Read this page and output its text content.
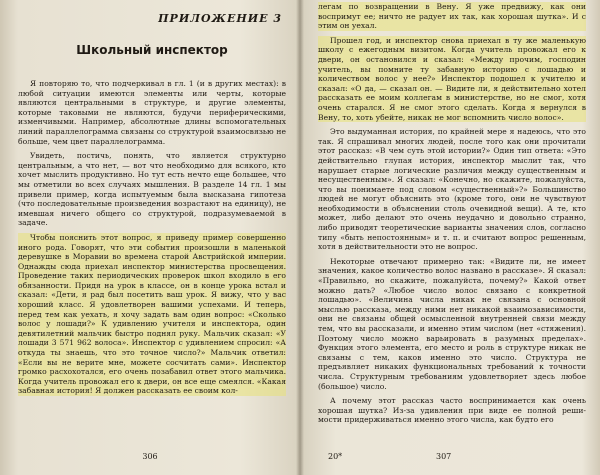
ПРИЛОЖЕНИЕ 3
Школьный инспектор

Я повторяю то, что подчеркивал в гл. 1 (и в других местах): в любой ситуации имеются элементы или черты, которые являются центральными в структуре, и другие элементы, которые таковыми не являются, будучи периферическими, изменчивыми. Например, абсолютные длины вспомогательных линий параллелограмма связаны со структурой взаимосвязью не больше, чем цвет параллелограмма.

Увидеть, постичь, понять, что является структурно центральным, а что нет, — вот что необходимо для всякого, кто хочет мыслить продуктивно. Но тут есть нечто еще большее, что мы отметили во всех случаях мышления. В разделе 14 гл. 1 мы привели пример, когда испытуемым была высказана гипотеза (что последовательные произведения возрастают на единицу), не имевшая ничего общего со структурой, подразумеваемой в задаче.

Чтобы пояснить этот вопрос, я приведу пример совершенно иного рода. Говорят, что эти события произошли в маленькой деревушке в Моравии во времена старой Австрийской империи. Однажды сюда приехал инспектор министерства просвещения. Проведение таких периодических проверок школ входило в его обязанности. Придя на урок в классе, он в конце урока встал и сказал: «Дети, я рад был посетить ваш урок. Я вижу, что у вас хороший класс. Я удовлетворен вашими успехами. И теперь, перед тем как уехать, я хочу задать вам один вопрос: «Сколько волос у лошади?» К удивлению учителя и инспектора, один девятилетний мальчик быстро поднял руку. Мальчик сказал: «У лошади 3 571 962 волоса». Инспектор с удивлением спросил: «А откуда ты знаешь, что это точное число?» Мальчик ответил: «Если вы не верите мне, можете сосчитать сами». Инспектор громко расхохотался, его очень позабавил ответ этого мальчика. Когда учитель провожал его к двери, он все еще смеялся. «Какая забавная история! Я должен рассказать ее своим кол-

306

легам по возвращении в Вену. Я уже предвижу, как они воспримут ее; ничто не радует их так, как хорошая шутка». И с этим он уехал.

Прошел год, и инспектор снова приехал в ту же маленькую школу с ежегодным визитом. Когда учитель провожал его к двери, он остановился и сказал: «Между прочим, господин учитель, вы помните ту забавную историю с лошадью и количеством волос у нее?» Инспектор подошел к учителю и сказал: «О да, — сказал он. — Видите ли, я действительно хотел рассказать ее моим коллегам в министерстве, но не смог, хотя очень старался. Я не смог этого сделать. Когда я вернулся в Вену, то, хоть убейте, никак не мог вспомнить число волос».

Это выдуманная история, по крайней мере я надеюсь, что это так. Я спрашивал многих людей, после того как они прочитали этот рассказ: «В чем суть этой истории?» Один тип ответа: «Это действительно глупая история, инспектор мыслит так, что нарушает старые логические различия между существенным и несущественным». Я сказал: «Конечно, но скажите, пожалуйста, что вы понимаете под словом «существенный»?» Большинство людей не могут объяснить это (кроме того, они не чувствуют необходимости в объяснении столь очевидной вещи). А те, кто может, либо делают это очень неудачно и довольно странно, либо приводят теоретические варианты значения слов, согласно типу «быть непостоянным» и т. п. и считают вопрос решенным, хотя в действительности это не вопрос.

Некоторые отвечают примерно так: «Видите ли, не имеет значения, какое количество волос названо в рассказе». Я сказал: «Правильно, но скажите, пожалуйста, почему?» Какой ответ можно дать? «Любое число волос связано с конкретной лошадью». «Величина числа никак не связана с основной мыслью рассказа, между ними нет никакой взаимозависимости, они не связаны общей осмысленной внутренней связи между тем, что вы рассказали, и именно этим числом (нет «стяжения). Поэтому число можно варьировать в разумных пределах». Функция этого элемента, его место и роль в структуре никак не связаны с тем, каков именно это число. Структура не предъявляет никаких функциональных требований к точности числа. Структурным требованиям удовлетворяет здесь любое (большое) число.

А почему этот рассказ часто воспринимается как очень хорошая шутка? Из-за удивления при виде ее полной реши- мости придерживаться именно этого числа, как будто его

20*	307
